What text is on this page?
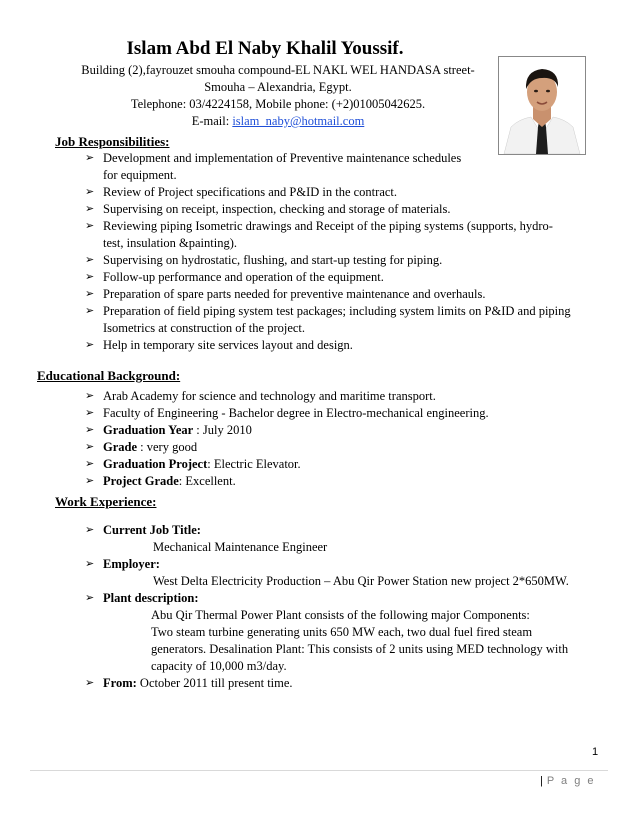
Islam Abd El Naby Khalil Youssif.
Building (2),fayrouzet smouha compound-EL NAKL WEL HANDASA street-
Smouha – Alexandria, Egypt.
Telephone: 03/4224158, Mobile phone: (+2)01005042625.
E-mail: islam_naby@hotmail.com
Job Responsibilities:
➢ Development and implementation of Preventive maintenance schedules
for equipment.
➢ Review of Project specifications and P&ID in the contract.
➢ Supervising on receipt, inspection, checking and storage of materials.
➢ Reviewing piping Isometric drawings and Receipt of the piping systems (supports, hydro-
test, insulation &painting).
➢ Supervising on hydrostatic, flushing, and start-up testing for piping.
➢ Follow-up performance and operation of the equipment.
➢ Preparation of spare parts needed for preventive maintenance and overhauls.
➢ Preparation of field piping system test packages; including system limits on P&ID and piping
Isometrics at construction of the project.
➢ Help in temporary site services layout and design.
Educational Background:
➢ Arab Academy for science and technology and maritime transport.
➢ Faculty of Engineering - Bachelor degree in Electro-mechanical engineering.
➢ Graduation Year : July 2010
➢ Grade : very good
➢ Graduation Project: Electric Elevator.
➢ Project Grade: Excellent.
Work Experience:
➢ Current Job Title:
Mechanical Maintenance Engineer
➢ Employer:
West Delta Electricity Production – Abu Qir Power Station new project 2*650MW.
➢ Plant description:
Abu Qir Thermal Power Plant consists of the following major Components:
Two steam turbine generating units 650 MW each, two dual fuel fired steam
generators. Desalination Plant: This consists of 2 units using MED technology with
capacity of 10,000 m3/day.
➢ From: October 2011 till present time.
1
| P a g e
